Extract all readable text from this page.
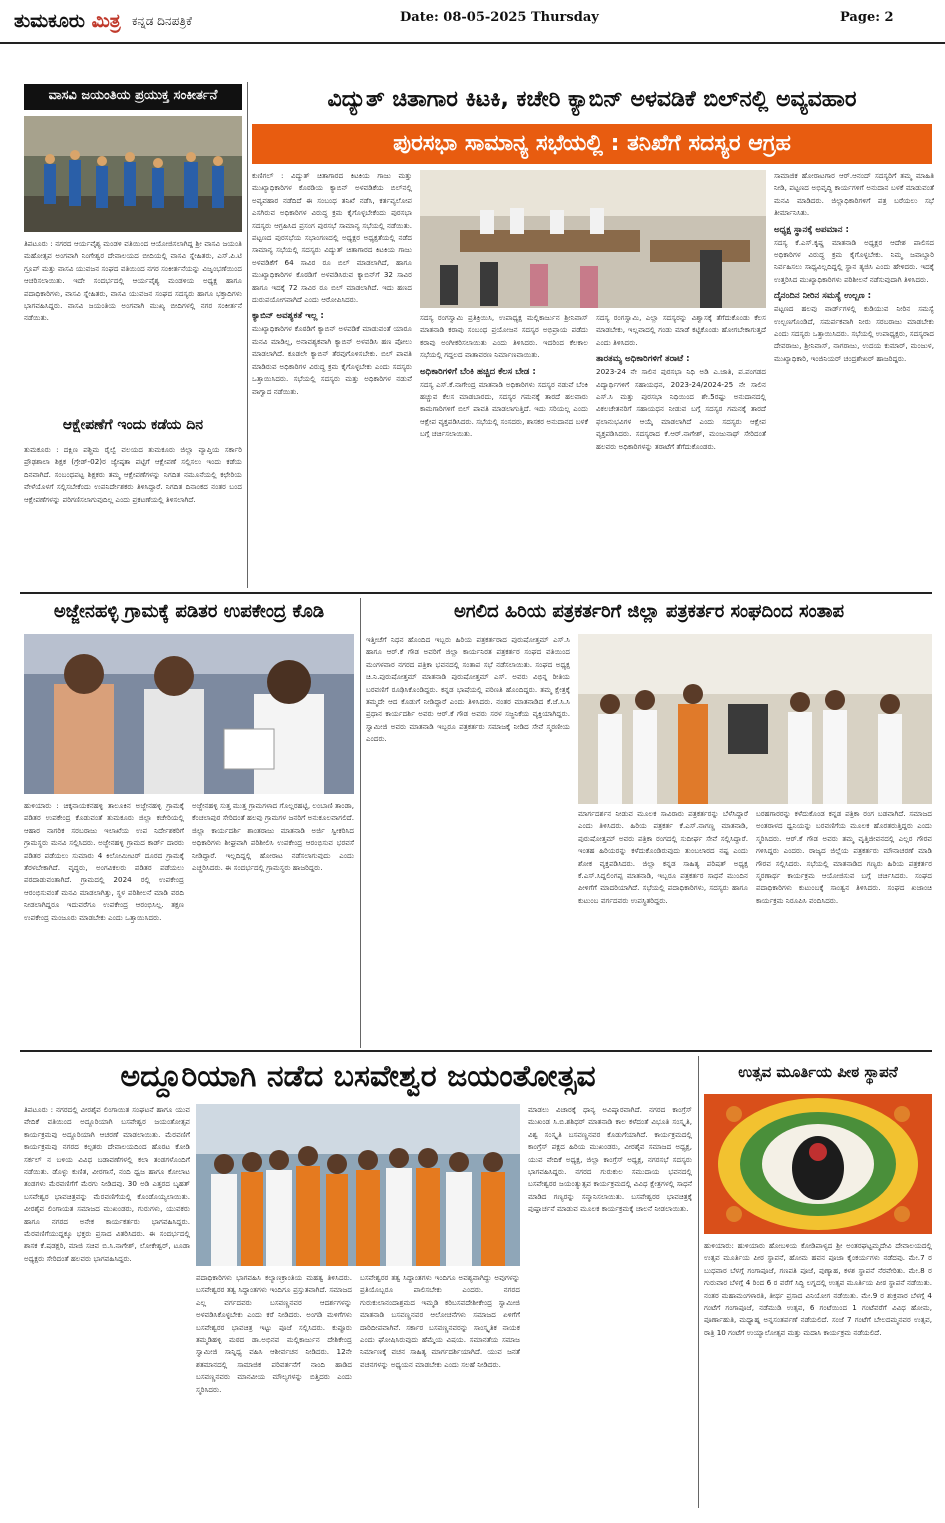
ತುಮಕೂರು ಮಿತ್ರ ಕನ್ನಡ ದಿನಪತ್ರಿಕೆ	Date: 08-05-2025 Thursday	Page: 2
ವಾಸವಿ ಜಯಂತಿಯ ಪ್ರಯುಕ್ತ ಸಂಕೀರ್ತನೆ
ತಿಪಟೂರು : ನಗರದ ಆರ್ಯವೈಶ್ಯ ಮಂಡಳಿ ವತಿಯಿಂದ ಆಯೋಜಿಸಲಾಗಿದ್ದ ಶ್ರೀ ವಾಸವಿ ಜಯಂತಿ ಮಹೋತ್ಸವ ಅಂಗವಾಗಿ ನಿಂಗೇಶ್ವರ ದೇವಾಲಯದ ಬೀದಿಯಲ್ಲಿ ವಾಸವಿ ಸ್ನೇಹಿತರು, ಎಸ್.ಪಿ.ಟಿ ಗ್ರೂಪ್ ಮತ್ತು ವಾಸವಿ ಯುವಜನ ಸಂಘದ ವತಿಯಿಂದ ನಗರ ಸಂಕೀರ್ತನೆಯನ್ನು ವಿಜೃಂಭಣೆಯಿಂದ ಆಚರಿಸಲಾಯಿತು. ಇದೇ ಸಂದರ್ಭದಲ್ಲಿ ಆರ್ಯವೈಶ್ಯ ಮಂಡಳಿಯ ಅಧ್ಯಕ್ಷ ಹಾಗೂ ಪದಾಧಿಕಾರಿಗಳು, ವಾಸವಿ ಸ್ನೇಹಿತರು, ವಾಸವಿ ಯುವಜನ ಸಂಘದ ಸದಸ್ಯರು ಹಾಗೂ ಭಕ್ತಾದಿಗಳು ಭಾಗವಹಿಸಿದ್ದರು. ವಾಸವಿ ಜಯಂತಿಯ ಅಂಗವಾಗಿ ಮುಖ್ಯ ಬೀದಿಗಳಲ್ಲಿ ನಗರ ಸಂಕೀರ್ತನೆ ನಡೆಯಿತು.
ಆಕ್ಷೇಪಣೆಗೆ ಇಂದು ಕಡೆಯ ದಿನ
ತುಮಕೂರು : ದಕ್ಷಿಣ ಪಶ್ಚಿಮ ರೈಲ್ವೆ ವಲಯದ ತುಮಕೂರು ಜಿಲ್ಲಾ ವ್ಯಾಪ್ತಿಯ ಸರ್ಕಾರಿ ಪ್ರೌಢಶಾಲಾ ಶಿಕ್ಷಕ (ಗ್ರೇಡ್-02)ರ ಜ್ಯೇಷ್ಠತಾ ಪಟ್ಟಿಗೆ ಆಕ್ಷೇಪಣೆ ಸಲ್ಲಿಸಲು ಇಂದು ಕಡೆಯ ದಿನವಾಗಿದೆ. ಸಂಬಂಧಪಟ್ಟ ಶಿಕ್ಷಕರು ತಮ್ಮ ಆಕ್ಷೇಪಣೆಗಳನ್ನು ನಿಗದಿತ ನಮೂನೆಯಲ್ಲಿ ಕಛೇರಿಯ ವೇಳೆಯೊಳಗೆ ಸಲ್ಲಿಸಬೇಕೆಂದು ಉಪನಿರ್ದೇಶಕರು ತಿಳಿಸಿದ್ದಾರೆ. ನಿಗದಿತ ದಿನಾಂಕದ ನಂತರ ಬಂದ ಆಕ್ಷೇಪಣೆಗಳನ್ನು ಪರಿಗಣಿಸಲಾಗುವುದಿಲ್ಲ ಎಂದು ಪ್ರಕಟಣೆಯಲ್ಲಿ ತಿಳಿಸಲಾಗಿದೆ.
ವಿದ್ಯುತ್ ಚಿತಾಗಾರ ಕಿಟಕಿ, ಕಚೇರಿ ಕ್ಯಾಬಿನ್ ಅಳವಡಿಕೆ ಬಿಲ್‌ನಲ್ಲಿ ಅವ್ಯವಹಾರ
ಪುರಸಭಾ ಸಾಮಾನ್ಯ ಸಭೆಯಲ್ಲಿ : ತನಿಖೆಗೆ ಸದಸ್ಯರ ಆಗ್ರಹ

ಕುಣಿಗಲ್ : ವಿದ್ಯುತ್ ಚಿತಾಗಾರದ ಕಿಟಕಿಯ ಗಾಜು ಮತ್ತು ಮುಖ್ಯಾಧಿಕಾರಿಗಳ ಕೊಠಡಿಯ ಕ್ಯಾಬಿನ್ ಅಳವಡಿಕೆಯ ಬಿಲ್‌ನಲ್ಲಿ ಅವ್ಯವಹಾರ ನಡೆದಿದೆ ಈ ಸಂಬಂಧ ತನಿಖೆ ನಡೆಸಿ, ಕರ್ತವ್ಯಲೋಪ ಎಸಗಿರುವ ಅಧಿಕಾರಿಗಳ ವಿರುದ್ಧ ಕ್ರಮ ಕೈಗೊಳ್ಳಬೇಕೆಂದು ಪುರಸಭಾ ಸದಸ್ಯರು ಆಗ್ರಹಿಸಿದ ಪ್ರಸಂಗ ಪುರಸಭೆ ಸಾಮಾನ್ಯ ಸಭೆಯಲ್ಲಿ ನಡೆಯಿತು. ಪಟ್ಟಣದ ಪುರಸಭೆಯ ಸಭಾಂಗಣದಲ್ಲಿ ಅಧ್ಯಕ್ಷರ ಅಧ್ಯಕ್ಷತೆಯಲ್ಲಿ ನಡೆದ ಸಾಮಾನ್ಯ ಸಭೆಯಲ್ಲಿ ಸದಸ್ಯರು ವಿದ್ಯುತ್ ಚಿತಾಗಾರದ ಕಿಟಕಿಯ ಗಾಜು ಅಳವಡಿಕೆಗೆ 64 ಸಾವಿರ ರೂ ಬಿಲ್ ಮಾಡಲಾಗಿದೆ, ಹಾಗೂ ಮುಖ್ಯಾಧಿಕಾರಿಗಳ ಕೊಠಡಿಗೆ ಅಳವಡಿಸಿರುವ ಕ್ಯಾಬಿನ್‌ಗೆ 32 ಸಾವಿರ ಹಾಗೂ ಇದಕ್ಕೆ 72 ಸಾವಿರ ರೂ ಬಿಲ್ ಮಾಡಲಾಗಿದೆ. ಇದು ಹಣದ ದುರುಪಯೋಗವಾಗಿದೆ ಎಂದು ಆರೋಪಿಸಿದರು.

ಕ್ಯಾಬಿನ್ ಅವಶ್ಯಕತೆ ಇಲ್ಲ :

ಮುಖ್ಯಾಧಿಕಾರಿಗಳ ಕೊಠಡಿಗೆ ಕ್ಯಾಬಿನ್ ಅಳವಡಿಕೆ ಮಾಡುವಂತೆ ಯಾರೂ ಮನವಿ ಮಾಡಿಲ್ಲ, ಅನಾವಶ್ಯಕವಾಗಿ ಕ್ಯಾಬಿನ್ ಅಳವಡಿಸಿ ಹಣ ಪೋಲು ಮಾಡಲಾಗಿದೆ. ಕೂಡಲೇ ಕ್ಯಾಬಿನ್ ತೆರವುಗೊಳಿಸಬೇಕು. ಬಿಲ್ ಪಾವತಿ ಮಾಡಿರುವ ಅಧಿಕಾರಿಗಳ ವಿರುದ್ಧ ಕ್ರಮ ಕೈಗೊಳ್ಳಬೇಕು ಎಂದು ಸದಸ್ಯರು ಒತ್ತಾಯಿಸಿದರು. ಸಭೆಯಲ್ಲಿ ಸದಸ್ಯರು ಮತ್ತು ಅಧಿಕಾರಿಗಳ ನಡುವೆ ವಾಗ್ವಾದ ನಡೆಯಿತು.

ಸದಸ್ಯ ರಂಗಸ್ವಾಮಿ ಪ್ರತಿಕ್ರಿಯಿಸಿ, ಉಪಾಧ್ಯಕ್ಷ ಮಲ್ಲಿಕಾರ್ಜುನ ಶ್ರೀನಿವಾಸ್ ಮಾತನಾಡಿ ಕರಾವು ಸಂಬಂಧ ಪ್ರಯೋಜನ ಸದಸ್ಯರ ಅಭಿಪ್ರಾಯ ಪಡೆದು ಕರಾವು ಅಂಗೀಕರಿಸಲಾಯಿತು ಎಂದು ತಿಳಿಸಿದರು. ಇದರಿಂದ ಕೆಲಕಾಲ ಸಭೆಯಲ್ಲಿ ಗದ್ದಲದ ವಾತಾವರಣ ನಿರ್ಮಾಣವಾಯಿತು.

ಅಧಿಕಾರಿಗಳಿಗೆ ಬೆಂಕಿ ಹಚ್ಚಿದ ಕೆಲಸ ಬೇಡ :

ಸದಸ್ಯ ಎಸ್.ಕೆ.ನಾಗೇಂದ್ರ ಮಾತನಾಡಿ ಅಧಿಕಾರಿಗಳು ಸದಸ್ಯರ ನಡುವೆ ಬೆಂಕಿ ಹಚ್ಚುವ ಕೆಲಸ ಮಾಡಬಾರದು, ಸದಸ್ಯರ ಗಮನಕ್ಕೆ ತಾರದೆ ಹಲವಾರು ಕಾಮಗಾರಿಗಳಿಗೆ ಬಿಲ್ ಪಾವತಿ ಮಾಡಲಾಗುತ್ತಿದೆ. ಇದು ಸರಿಯಲ್ಲ ಎಂದು ಆಕ್ಷೇಪ ವ್ಯಕ್ತಪಡಿಸಿದರು. ಸಭೆಯಲ್ಲಿ ಸಂಸದರು, ಶಾಸಕರ ಅನುದಾನದ ಬಳಕೆ ಬಗ್ಗೆ ಚರ್ಚಿಸಲಾಯಿತು.

ಸದಸ್ಯ ರಂಗಸ್ವಾಮಿ, ಎಲ್ಲಾ ಸದಸ್ಯರನ್ನು ವಿಶ್ವಾಸಕ್ಕೆ ತೆಗೆದುಕೊಂಡು ಕೆಲಸ ಮಾಡಬೇಕು, ಇಲ್ಲವಾದಲ್ಲಿ ಗಂಡು ಮಾಡೆ ಕಟ್ಟಿಕೊಂಡು ಹೋಗಬೇಕಾಗುತ್ತದೆ ಎಂದು ತಿಳಿಸಿದರು.

ತಾರತಮ್ಯ ಅಧಿಕಾರಿಗಳಿಗೆ ತರಾಟೆ :

2023-24 ನೇ ಸಾಲಿನ ಪುರಸಭಾ ನಿಧಿ ಅಡಿ ಎ.ಜಾತಿ, ಪ.ಪಂಗಡದ ವಿದ್ಯಾರ್ಥಿಗಳಿಗೆ ಸಹಾಯಧನ, 2023-24/2024-25 ನೇ ಸಾಲಿನ ಎಸ್.ಸಿ ಮತ್ತು ಪುರಸಭಾ ನಿಧಿಯಿಂದ ಶೇ.5ರಷ್ಟು ಅನುದಾನದಲ್ಲಿ ವಿಕಲಚೇತನರಿಗೆ ಸಹಾಯಧನ ನೀಡುವ ಬಗ್ಗೆ ಸದಸ್ಯರ ಗಮನಕ್ಕೆ ತಾರದೆ ಫಲಾನುಭವಿಗಳ ಆಯ್ಕೆ ಮಾಡಲಾಗಿದೆ ಎಂದು ಸದಸ್ಯರು ಆಕ್ಷೇಪ ವ್ಯಕ್ತಪಡಿಸಿದರು. ಸದಸ್ಯರಾದ ಕೆ.ಆರ್.ನಾಗೇಶ್, ಮಂಜುನಾಥ್ ಸೇರಿದಂತೆ ಹಲವರು ಅಧಿಕಾರಿಗಳನ್ನು ತರಾಟೆಗೆ ತೆಗೆದುಕೊಂಡರು.

ಸಾಮಾಜಿಕ ಹೋರಾಟಗಾರ ಆರ್.ಆನಂದ್ ಸದಸ್ಯರಿಗೆ ತಮ್ಮ ಮಾಹಿತಿ ನೀಡಿ, ಪಟ್ಟಣದ ಅಭಿವೃದ್ಧಿ ಕಾರ್ಯಗಳಿಗೆ ಅನುದಾನ ಬಳಕೆ ಮಾಡುವಂತೆ ಮನವಿ ಮಾಡಿದರು. ಜಿಲ್ಲಾಧಿಕಾರಿಗಳಿಗೆ ಪತ್ರ ಬರೆಯಲು ಸಭೆ ತೀರ್ಮಾನಿಸಿತು.

ಅಧ್ಯಕ್ಷ ಸ್ಥಾನಕ್ಕೆ ಅಪಮಾನ :

ಸದಸ್ಯ ಕೆ.ಎಸ್.ಕೃಷ್ಣ ಮಾತನಾಡಿ ಅಧ್ಯಕ್ಷರ ಆದೇಶ ಪಾಲಿಸದ ಅಧಿಕಾರಿಗಳ ವಿರುದ್ಧ ಕ್ರಮ ಕೈಗೊಳ್ಳಬೇಕು. ನಿಮ್ಮ ಜವಾಬ್ದಾರಿ ನಿರ್ವಹಿಸಲು ಸಾಧ್ಯವಿಲ್ಲದಿದ್ದಲ್ಲಿ ಸ್ಥಾನ ತ್ಯಜಿಸಿ ಎಂದು ಹೇಳಿದರು. ಇದಕ್ಕೆ ಉತ್ತರಿಸಿದ ಮುಖ್ಯಾಧಿಕಾರಿಗಳು ಪರಿಶೀಲನೆ ನಡೆಸುವುದಾಗಿ ತಿಳಿಸಿದರು.

ದೈನಂದಿನ ನೀರಿನ ಸಮಸ್ಯೆ ಉಲ್ಬಣ :

ಪಟ್ಟಣದ ಹಲವು ವಾರ್ಡ್‌ಗಳಲ್ಲಿ ಕುಡಿಯುವ ನೀರಿನ ಸಮಸ್ಯೆ ಉಲ್ಬಣಗೊಂಡಿದೆ, ಸಮರ್ಪಕವಾಗಿ ನೀರು ಸರಬರಾಜು ಮಾಡಬೇಕು ಎಂದು ಸದಸ್ಯರು ಒತ್ತಾಯಿಸಿದರು. ಸಭೆಯಲ್ಲಿ ಉಪಾಧ್ಯಕ್ಷರು, ಸದಸ್ಯರಾದ ದೇವರಾಜು, ಶ್ರೀನಿವಾಸ್, ನಾಗರಾಜು, ಉದಯ ಕುಮಾರ್, ಮಂಜುಳ, ಮುಖ್ಯಾಧಿಕಾರಿ, ಇಂಜಿನಿಯರ್ ಚಂದ್ರಶೇಖರ್ ಹಾಜರಿದ್ದರು.

ಅಜ್ಜೇನಹಳ್ಳಿ ಗ್ರಾಮಕ್ಕೆ ಪಡಿತರ ಉಪಕೇಂದ್ರ ಕೊಡಿ
ಹುಳಿಯಾರು : ಚಿಕ್ಕನಾಯಕನಹಳ್ಳಿ ತಾಲೂಕಿನ ಅಜ್ಜೇನಹಳ್ಳಿ ಗ್ರಾಮಕ್ಕೆ ಪಡಿತರ ಉಪಕೇಂದ್ರ ಕೊಡುವಂತೆ ತುಮಕೂರು ಜಿಲ್ಲಾ ಕಚೇರಿಯಲ್ಲಿ ಆಹಾರ ನಾಗರಿಕ ಸರಬರಾಜು ಇಲಾಖೆಯ ಉಪ ನಿರ್ದೇಶಕರಿಗೆ ಗ್ರಾಮಸ್ಥರು ಮನವಿ ಸಲ್ಲಿಸಿದರು. ಅಜ್ಜೇನಹಳ್ಳಿ ಗ್ರಾಮದ ಕಾರ್ಡ್ ದಾರರು ಪಡಿತರ ಪಡೆಯಲು ಸುಮಾರು 4 ಕಿಲೋಮೀಟರ್ ದೂರದ ಗ್ರಾಮಕ್ಕೆ ತೆರಳಬೇಕಾಗಿದೆ. ವೃದ್ಧರು, ಅಂಗವಿಕಲರು ಪಡಿತರ ಪಡೆಯಲು ಪರದಾಡುವಂತಾಗಿದೆ. ಗ್ರಾಮದಲ್ಲಿ 2024 ರಲ್ಲಿ ಉಪಕೇಂದ್ರ ಆರಂಭಿಸುವಂತೆ ಮನವಿ ಮಾಡಲಾಗಿತ್ತು, ಸ್ಥಳ ಪರಿಶೀಲನೆ ಮಾಡಿ ವರದಿ ನೀಡಲಾಗಿದ್ದರೂ ಇದುವರೆಗೂ ಉಪಕೇಂದ್ರ ಆರಂಭಿಸಿಲ್ಲ. ತಕ್ಷಣ ಉಪಕೇಂದ್ರ ಮಂಜೂರು ಮಾಡಬೇಕು ಎಂದು ಒತ್ತಾಯಿಸಿದರು.
ಅಜ್ಜೇನಹಳ್ಳಿ ಸುತ್ತ ಮುತ್ತ ಗ್ರಾಮಗಳಾದ ಗೊಲ್ಲರಹಟ್ಟಿ, ಲಂಬಾಣಿ ತಾಂಡಾ, ಕೆಂಚಲಾಪುರ ಸೇರಿದಂತೆ ಹಲವು ಗ್ರಾಮಗಳ ಜನರಿಗೆ ಅನುಕೂಲವಾಗಲಿದೆ. ಜಿಲ್ಲಾ ಕಾರ್ಯದರ್ಶಿ ಶಾಂತರಾಜು ಮಾತನಾಡಿ ಅರ್ಜಿ ಸ್ವೀಕರಿಸಿದ ಅಧಿಕಾರಿಗಳು ಶೀಘ್ರವಾಗಿ ಪರಿಶೀಲಿಸಿ ಉಪಕೇಂದ್ರ ಆರಂಭಿಸುವ ಭರವಸೆ ನೀಡಿದ್ದಾರೆ. ಇಲ್ಲದಿದ್ದಲ್ಲಿ ಹೋರಾಟ ನಡೆಸಲಾಗುವುದು ಎಂದು ಎಚ್ಚರಿಸಿದರು. ಈ ಸಂದರ್ಭದಲ್ಲಿ ಗ್ರಾಮಸ್ಥರು ಹಾಜರಿದ್ದರು.
ಅಗಲಿದ ಹಿರಿಯ ಪತ್ರಕರ್ತರಿಗೆ ಜಿಲ್ಲಾ ಪತ್ರಕರ್ತರ ಸಂಘದಿಂದ ಸಂತಾಪ
ಇತ್ತೀಚೆಗೆ ನಿಧನ ಹೊಂದಿದ ಇಬ್ಬರು ಹಿರಿಯ ಪತ್ರಕರ್ತರಾದ ಪುರುಷೋತ್ತಮ್ ಎಸ್.ಸಿ ಹಾಗೂ ಆರ್.ಕೆ ಗೌಡ ಅವರಿಗೆ ಜಿಲ್ಲಾ ಕಾರ್ಯನಿರತ ಪತ್ರಕರ್ತರ ಸಂಘದ ವತಿಯಿಂದ ಮಂಗಳವಾರ ನಗರದ ಪತ್ರಿಕಾ ಭವನದಲ್ಲಿ ಸಂತಾಪ ಸಭೆ ನಡೆಸಲಾಯಿತು. ಸಂಘದ ಅಧ್ಯಕ್ಷ ಚಿ.ನಿ.ಪುರುಷೋತ್ತಮ್ ಮಾತನಾಡಿ ಪುರುಷೋತ್ತಮ್ ಎಸ್. ಅವರು ವಿಭಿನ್ನ ರೀತಿಯ ಬರವಣಿಗೆ ರೂಢಿಸಿಕೊಂಡಿದ್ದರು. ಕನ್ನಡ ಭಾಷೆಯಲ್ಲಿ ಪರಿಣತಿ ಹೊಂದಿದ್ದರು. ತಮ್ಮ ಕ್ಷೇತ್ರಕ್ಕೆ ತಮ್ಮದೇ ಆದ ಕೊಡುಗೆ ನೀಡಿದ್ದಾರೆ ಎಂದು ತಿಳಿಸಿದರು. ನಂತರ ಮಾತನಾಡಿದ ಕೆ.ಜೆ.ಸಿ.ಸಿ ಪ್ರಧಾನ ಕಾರ್ಯದರ್ಶಿ ಅವರು ಆರ್.ಕೆ ಗೌಡ ಅವರು ಸರಳ ಸಜ್ಜನಿಕೆಯ ವ್ಯಕ್ತಿಯಾಗಿದ್ದರು. ಸ್ವಾಮೀಜಿ ಅವರು ಮಾತನಾಡಿ ಇಬ್ಬರೂ ಪತ್ರಕರ್ತರು ಸಮಾಜಕ್ಕೆ ನೀಡಿದ ಸೇವೆ ಸ್ಮರಣೀಯ ಎಂದರು.
ಮಾರ್ಗದರ್ಶನ ನೀಡುವ ಮೂಲಕ ಸಾವಿರಾರು ಪತ್ರಕರ್ತರನ್ನು ಬೆಳೆಸಿದ್ದಾರೆ ಎಂದು ತಿಳಿಸಿದರು. ಹಿರಿಯ ಪತ್ರಕರ್ತ ಕೆ.ಎಸ್.ನಾಗಣ್ಣ ಮಾತನಾಡಿ, ಪುರುಷೋತ್ತಮ್ ಅವರು ಪತ್ರಿಕಾ ರಂಗದಲ್ಲಿ ಸುದೀರ್ಘ ಸೇವೆ ಸಲ್ಲಿಸಿದ್ದಾರೆ. ಇಂತಹ ಹಿರಿಯರನ್ನು ಕಳೆದುಕೊಂಡಿರುವುದು ತುಂಬಲಾರದ ನಷ್ಟ ಎಂದು ಶೋಕ ವ್ಯಕ್ತಪಡಿಸಿದರು. ಜಿಲ್ಲಾ ಕನ್ನಡ ಸಾಹಿತ್ಯ ಪರಿಷತ್ ಅಧ್ಯಕ್ಷ ಕೆ.ಎಸ್.ಸಿದ್ದಲಿಂಗಪ್ಪ ಮಾತನಾಡಿ, ಇಬ್ಬರೂ ಪತ್ರಕರ್ತರ ಸಾಧನೆ ಮುಂದಿನ ಪೀಳಿಗೆಗೆ ಮಾದರಿಯಾಗಿದೆ. ಸಭೆಯಲ್ಲಿ ಪದಾಧಿಕಾರಿಗಳು, ಸದಸ್ಯರು ಹಾಗೂ ಕುಟುಂಬ ವರ್ಗದವರು ಉಪಸ್ಥಿತರಿದ್ದರು.
ಬರಹಗಾರರನ್ನು ಕಳೆದುಕೊಂಡ ಕನ್ನಡ ಪತ್ರಿಕಾ ರಂಗ ಬಡವಾಗಿದೆ. ಸಮಾಜದ ಅಂತರಾಳದ ಧ್ವನಿಯನ್ನು ಬರವಣಿಗೆಯ ಮೂಲಕ ಹೊರತರುತ್ತಿದ್ದರು ಎಂದು ಸ್ಮರಿಸಿದರು. ಆರ್.ಕೆ ಗೌಡ ಅವರು ತಮ್ಮ ವೃತ್ತಿಜೀವನದಲ್ಲಿ ಎಲ್ಲರ ಗೌರವ ಗಳಿಸಿದ್ದರು ಎಂದರು. ರಾಜ್ಯದ ಜಿಲ್ಲೆಯ ಪತ್ರಕರ್ತರು ಮೌನಾಚರಣೆ ಮಾಡಿ ಗೌರವ ಸಲ್ಲಿಸಿದರು. ಸಭೆಯಲ್ಲಿ ಮಾತನಾಡಿದ ಗಣ್ಯರು ಹಿರಿಯ ಪತ್ರಕರ್ತರ ಸ್ಮರಣಾರ್ಥ ಕಾರ್ಯಕ್ರಮ ಆಯೋಜಿಸುವ ಬಗ್ಗೆ ಚರ್ಚಿಸಿದರು. ಸಂಘದ ಪದಾಧಿಕಾರಿಗಳು ಕುಟುಂಬಕ್ಕೆ ಸಾಂತ್ವನ ತಿಳಿಸಿದರು. ಸಂಘದ ಖಜಾಂಚಿ ಕಾರ್ಯಕ್ರಮ ನಿರೂಪಿಸಿ ವಂದಿಸಿದರು.
ಅದ್ದೂರಿಯಾಗಿ ನಡೆದ ಬಸವೇಶ್ವರ ಜಯಂತೋತ್ಸವ
ತಿಪಟೂರು : ನಗರದಲ್ಲಿ ವೀರಶೈವ ಲಿಂಗಾಯಿತ ಸಂಘಟನೆ ಹಾಗೂ ಯುವ ವೇದಿಕೆ ವತಿಯಿಂದ ಅದ್ದೂರಿಯಾಗಿ ಬಸವೇಶ್ವರ ಜಯಂತೋತ್ಸವ ಕಾರ್ಯಕ್ರಮವು ಅದ್ದೂರಿಯಾಗಿ ಆಚರಣೆ ಮಾಡಲಾಯಿತು. ಮೆರವಣಿಗೆ ಕಾರ್ಯಕ್ರಮವು ನಗರದ ಕಲ್ಪತರು ದೇವಾಲಯದಿಂದ ಹೊರಟ ಕೋಡಿ ಸರ್ಕಲ್ ನ ಬಳಿಯ ವಿವಿಧ ಬಡಾವಣೆಗಳಲ್ಲಿ ಕಲಾ ತಂಡಗಳೊಂದಿಗೆ ನಡೆಯಿತು. ಡೊಳ್ಳು ಕುಣಿತ, ವೀರಗಾಸೆ, ನಂದಿ ಧ್ವಜ ಹಾಗೂ ಕೋಲಾಟ ತಂಡಗಳು ಮೆರವಣಿಗೆಗೆ ಮೆರಗು ನೀಡಿದವು. 30 ಅಡಿ ಎತ್ತರದ ಬೃಹತ್ ಬಸವೇಶ್ವರ ಭಾವಚಿತ್ರವನ್ನು ಮೆರವಣಿಗೆಯಲ್ಲಿ ಕೊಂಡೊಯ್ಯಲಾಯಿತು. ವೀರಶೈವ ಲಿಂಗಾಯತ ಸಮಾಜದ ಮುಖಂಡರು, ಗುರುಗಳು, ಯುವಕರು ಹಾಗೂ ನಗರದ ಅನೇಕ ಕಾರ್ಯಕರ್ತರು ಭಾಗವಹಿಸಿದ್ದರು. ಮೆರವಣಿಗೆಯುದ್ದಕ್ಕೂ ಭಕ್ತರು ಪ್ರಸಾದ ವಿತರಿಸಿದರು. ಈ ಸಂದರ್ಭದಲ್ಲಿ ಶಾಸಕ ಕೆ.ಷಡಕ್ಷರಿ, ಮಾಜಿ ಸಚಿವ ಬಿ.ಸಿ.ನಾಗೇಶ್, ಲೋಕೇಶ್ವರ್, ಟೂಡಾ ಅಧ್ಯಕ್ಷರು ಸೇರಿದಂತೆ ಹಲವರು ಭಾಗವಹಿಸಿದ್ದರು.
ಪದಾಧಿಕಾರಿಗಳು ಭಾಗವಹಿಸಿ ಕಲ್ಯಾಣಕ್ರಾಂತಿಯ ಮಹತ್ವ ತಿಳಿಸಿದರು. ಬಸವೇಶ್ವರರ ತತ್ವ ಸಿದ್ಧಾಂತಗಳು ಇಂದಿಗೂ ಪ್ರಸ್ತುತವಾಗಿದೆ. ಸಮಾಜದ ಎಲ್ಲ ವರ್ಗದವರು ಬಸವಣ್ಣನವರ ಆದರ್ಶಗಳನ್ನು ಅಳವಡಿಸಿಕೊಳ್ಳಬೇಕು ಎಂದು ಕರೆ ನೀಡಿದರು. ಅಂಗಡಿ ಮಳಿಗೆಗಳು ಬಸವೇಶ್ವರರ ಭಾವಚಿತ್ರ ಇಟ್ಟು ಪೂಜೆ ಸಲ್ಲಿಸಿದರು. ಕುಪ್ಪೂರು ತಮ್ಮಡಿಹಳ್ಳಿ ಮಠದ ಡಾ.ಅಭಿನವ ಮಲ್ಲಿಕಾರ್ಜುನ ದೇಶಿಕೇಂದ್ರ ಸ್ವಾಮೀಜಿ ಸಾನ್ನಿಧ್ಯ ವಹಿಸಿ ಆಶೀರ್ವಚನ ನೀಡಿದರು. 12ನೇ ಶತಮಾನದಲ್ಲಿ ಸಾಮಾಜಿಕ ಪರಿವರ್ತನೆಗೆ ನಾಂದಿ ಹಾಡಿದ ಬಸವಣ್ಣನವರು ಮಾನವೀಯ ಮೌಲ್ಯಗಳನ್ನು ಬಿತ್ತಿದರು ಎಂದು ಸ್ಮರಿಸಿದರು.
ಬಸವೇಶ್ವರರ ತತ್ವ ಸಿದ್ಧಾಂತಗಳು ಇಂದಿಗೂ ಅವಶ್ಯವಾಗಿದ್ದು ಅವುಗಳನ್ನು ಪ್ರತಿಯೊಬ್ಬರೂ ಪಾಲಿಸಬೇಕು ಎಂದರು. ನಗರದ ಗುರುಕುಲಾನಂದಾಶ್ರಮದ ಇಮ್ಮಡಿ ಕರಿಬಸವದೇಶೀಕೇಂದ್ರ ಸ್ವಾಮೀಜಿ ಮಾತನಾಡಿ ಬಸವಣ್ಣನವರ ಆಲೋಚನೆಗಳು ಸಮಾಜದ ಏಳಿಗೆಗೆ ದಾರಿದೀಪವಾಗಿವೆ. ಸರ್ಕಾರ ಬಸವಣ್ಣನವರನ್ನು ಸಾಂಸ್ಕೃತಿಕ ನಾಯಕ ಎಂದು ಘೋಷಿಸಿರುವುದು ಹೆಮ್ಮೆಯ ವಿಷಯ. ಸಮಾನತೆಯ ಸಮಾಜ ನಿರ್ಮಾಣಕ್ಕೆ ವಚನ ಸಾಹಿತ್ಯ ಮಾರ್ಗದರ್ಶಿಯಾಗಿದೆ. ಯುವ ಜನತೆ ವಚನಗಳನ್ನು ಅಧ್ಯಯನ ಮಾಡಬೇಕು ಎಂದು ಸಲಹೆ ನೀಡಿದರು.
ಮಾಡಲು ವಿಚಾರಕ್ಕೆ ಧಾನ್ಯ ಅವಿಷ್ಕಾರವಾಗಿದೆ. ನಗರದ ಕಾಂಗ್ರೆಸ್ ಮುಖಂಡ ಸಿ.ಬಿ.ಶಶಿಧರ್ ಮಾತನಾಡಿ ಕಾಲ ಕಳೆದಂತೆ ವಿಭೂತಿ ಸಂಸ್ಕೃತಿ, ವಿಶ್ವ ಸಂಸ್ಕೃತಿ ಬಸವಣ್ಣನವರ ಕೊಡುಗೆಯಾಗಿದೆ. ಕಾರ್ಯಕ್ರಮದಲ್ಲಿ ಕಾಂಗ್ರೆಸ್ ಪಕ್ಷದ ಹಿರಿಯ ಮುಖಂಡರು, ವೀರಶೈವ ಸಮಾಜದ ಅಧ್ಯಕ್ಷ, ಯುವ ವೇದಿಕೆ ಅಧ್ಯಕ್ಷ, ಜಿಲ್ಲಾ ಕಾಂಗ್ರೆಸ್ ಅಧ್ಯಕ್ಷ, ನಗರಸಭೆ ಸದಸ್ಯರು ಭಾಗವಹಿಸಿದ್ದರು. ನಗರದ ಗುರುಕುಲ ಸಮುದಾಯ ಭವನದಲ್ಲಿ ಬಸವೇಶ್ವರರ ಜಯಂತ್ಯುತ್ಸವ ಕಾರ್ಯಕ್ರಮದಲ್ಲಿ ವಿವಿಧ ಕ್ಷೇತ್ರಗಳಲ್ಲಿ ಸಾಧನೆ ಮಾಡಿದ ಗಣ್ಯರನ್ನು ಸನ್ಮಾನಿಸಲಾಯಿತು. ಬಸವೇಶ್ವರರ ಭಾವಚಿತ್ರಕ್ಕೆ ಪುಷ್ಪಾರ್ಚನೆ ಮಾಡುವ ಮೂಲಕ ಕಾರ್ಯಕ್ರಮಕ್ಕೆ ಚಾಲನೆ ನೀಡಲಾಯಿತು.
ಉತ್ಸವ ಮೂರ್ತಿಯ ಪೀಠ ಸ್ಥಾಪನೆ
ಹುಳಿಯಾರು: ಹುಳಿಯಾರು ಹೋಬಳಿಯ ಕೋಡಿಪಾಳ್ಯದ ಶ್ರೀ ಅಂತರಘಟ್ಟಮ್ಮದೇವಿ ದೇವಾಲಯದಲ್ಲಿ ಉತ್ಸವ ಮೂರ್ತಿಯ ಪೀಠ ಸ್ಥಾಪನೆ, ಹೋಮ ಹವನ ಪೂಜಾ ಕೈಂಕರ್ಯಗಳು ನಡೆದವು. ಮೇ.7 ರ ಬುಧವಾರ ಬೆಳಗ್ಗೆ ಗಂಗಾಪೂಜೆ, ಗಣಪತಿ ಪೂಜೆ, ಪುಣ್ಯಾಹ, ಕಳಶ ಸ್ಥಾಪನೆ ನೆರವೇರಿತು. ಮೇ.8 ರ ಗುರುವಾರ ಬೆಳಗ್ಗೆ 4 ರಿಂದ 6 ರ ವರೆಗೆ ಸಿದ್ಧಿ ಲಗ್ನದಲ್ಲಿ ಉತ್ಸವ ಮೂರ್ತಿಯ ಪೀಠ ಸ್ಥಾಪನೆ ನಡೆಯಿತು. ನಂತರ ಮಹಾಮಂಗಳಾರತಿ, ತೀರ್ಥ ಪ್ರಸಾದ ವಿನಿಯೋಗ ನಡೆಯಿತು. ಮೇ.9 ರ ಶುಕ್ರವಾರ ಬೆಳಗ್ಗೆ 4 ಗಂಟೆಗೆ ಗಂಗಾಪೂಜೆ, ನಡೆಮುಡಿ ಉತ್ಸವ, 6 ಗಂಟೆಯಿಂದ 1 ಗಂಟೆವರೆಗೆ ವಿವಿಧ ಹೋಮ, ಪೂರ್ಣಾಹುತಿ, ಮಧ್ಯಾಹ್ನ ಅನ್ನಸಂತರ್ಪಣೆ ನಡೆಯಲಿದೆ. ಸಂಜೆ 7 ಗಂಟೆಗೆ ಬೇಲದಮ್ಮನವರ ಉತ್ಸವ, ರಾತ್ರಿ 10 ಗಂಟೆಗೆ ಉಯ್ಯಾಲೋತ್ಸವ ಮತ್ತು ಮದಾಸಿ ಕಾರ್ಯಕ್ರಮ ನಡೆಯಲಿದೆ.
